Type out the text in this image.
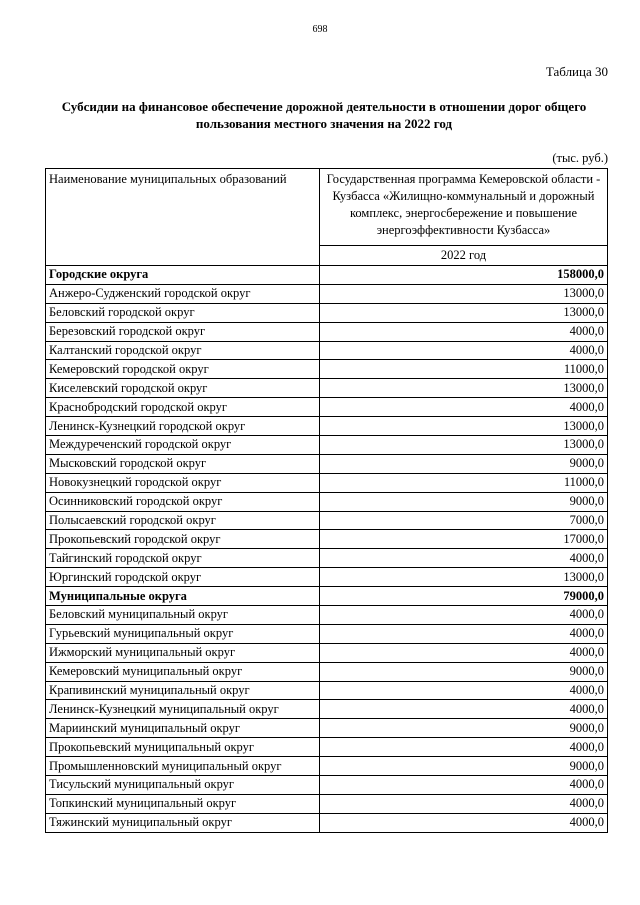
698
Таблица 30
Субсидии на финансовое обеспечение дорожной деятельности в отношении дорог общего пользования местного значения на 2022 год
(тыс. руб.)
Наименование муниципальных образований	Государственная программа Кемеровской области - Кузбасса «Жилищно-коммунальный и дорожный комплекс, энергосбережение и повышение энергоэффективности Кузбасса»
	2022 год
Городские округа	158000,0
Анжеро-Судженский городской округ	13000,0
Беловский городской округ	13000,0
Березовский городской округ	4000,0
Калтанский городской округ	4000,0
Кемеровский городской округ	11000,0
Киселевский городской округ	13000,0
Краснобродский городской округ	4000,0
Ленинск-Кузнецкий городской округ	13000,0
Междуреченский городской округ	13000,0
Мысковский городской округ	9000,0
Новокузнецкий городской округ	11000,0
Осинниковский городской округ	9000,0
Полысаевский городской округ	7000,0
Прокопьевский городской округ	17000,0
Тайгинский городской округ	4000,0
Юргинский городской округ	13000,0
Муниципальные округа	79000,0
Беловский муниципальный округ	4000,0
Гурьевский муниципальный округ	4000,0
Ижморский муниципальный округ	4000,0
Кемеровский муниципальный округ	9000,0
Крапивинский муниципальный округ	4000,0
Ленинск-Кузнецкий муниципальный округ	4000,0
Мариинский муниципальный округ	9000,0
Прокопьевский муниципальный округ	4000,0
Промышленновский муниципальный округ	9000,0
Тисульский муниципальный округ	4000,0
Топкинский муниципальный округ	4000,0
Тяжинский муниципальный округ	4000,0
